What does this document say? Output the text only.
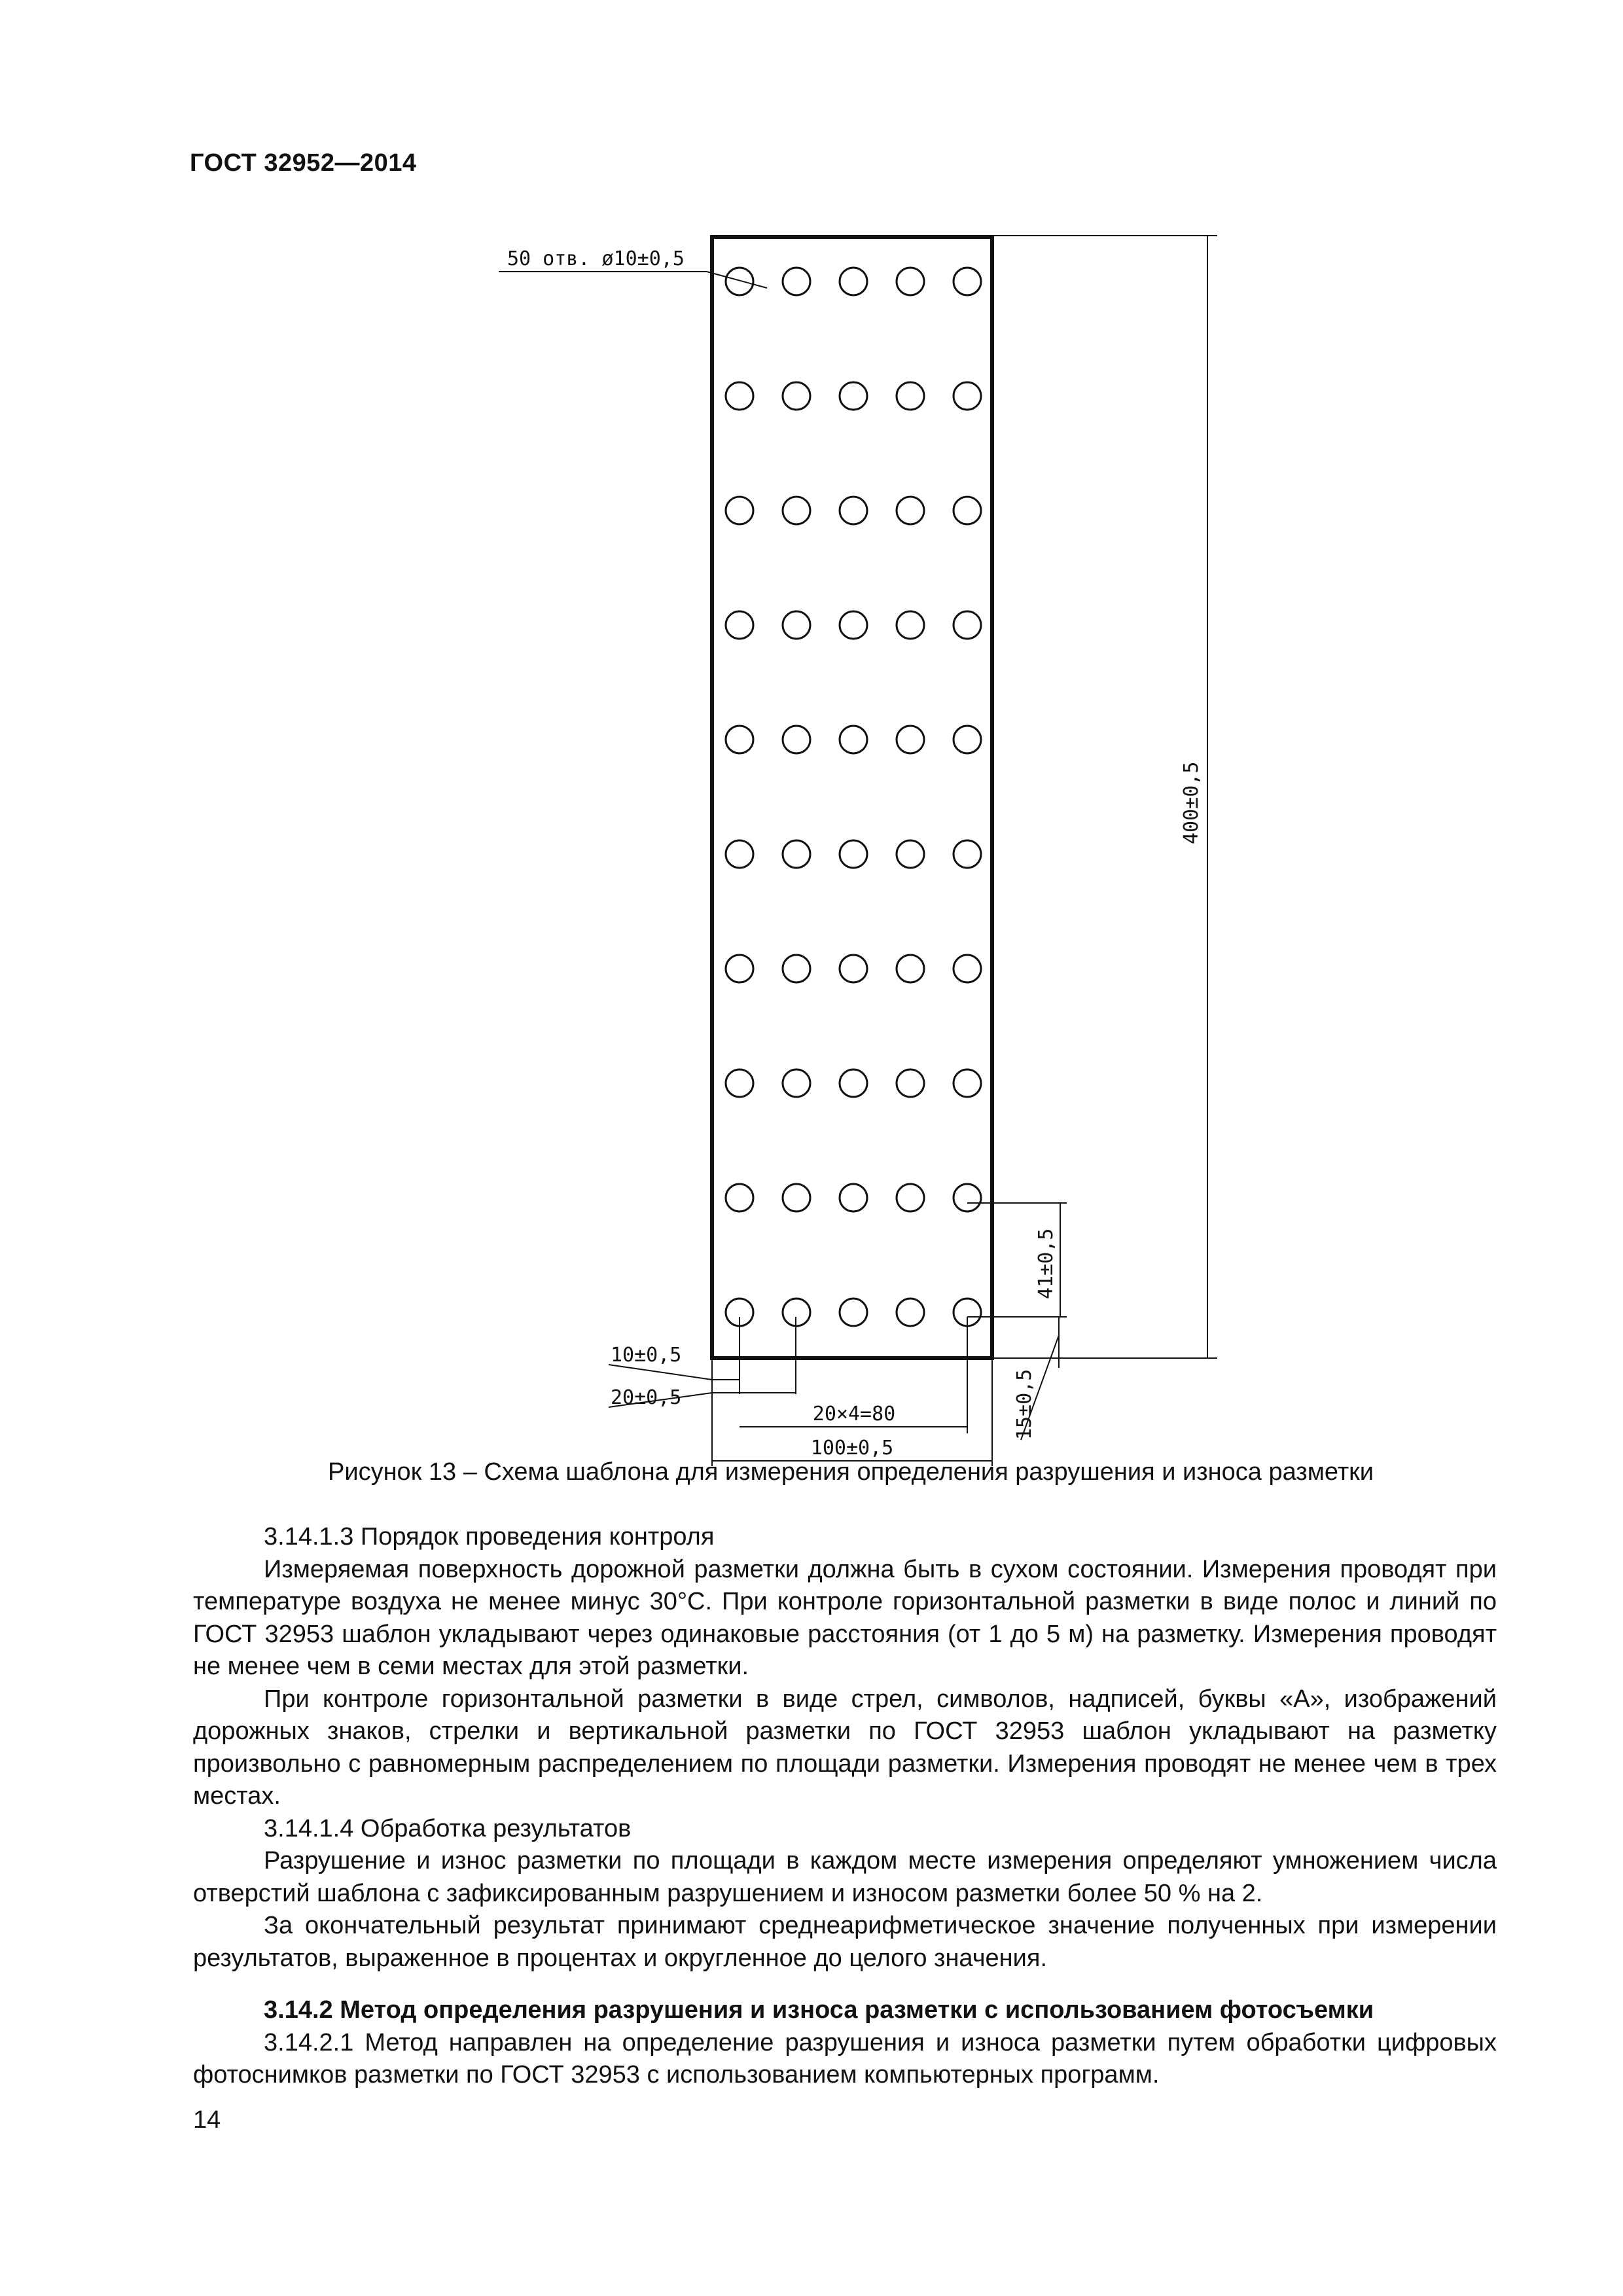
ГОСТ 32952—2014
50 отв. ø10±0,5
400±0,5
41±0,5
15±0,5
10±0,5
20±0,5
20×4=80
100±0,5
Рисунок 13 – Схема шаблона для измерения определения разрушения и износа разметки

3.14.1.3 Порядок проведения контроля

Измеряемая поверхность дорожной разметки должна быть в сухом состоянии. Измерения проводят при температуре воздуха не менее минус 30°С. При контроле горизонтальной разметки в виде полос и линий по ГОСТ 32953 шаблон укладывают через одинаковые расстояния (от 1 до 5 м) на разметку. Измерения проводят не менее чем в семи местах для этой разметки.

При контроле горизонтальной разметки в виде стрел, символов, надписей, буквы «А», изображений дорожных знаков, стрелки и вертикальной разметки по ГОСТ 32953 шаблон укладывают на разметку произвольно с равномерным распределением по площади разметки. Измерения проводят не менее чем в трех местах.

3.14.1.4 Обработка результатов

Разрушение и износ разметки по площади в каждом месте измерения определяют умножением числа отверстий шаблона с зафиксированным разрушением и износом разметки более 50 % на 2.

За окончательный результат принимают среднеарифметическое значение полученных при измерении результатов, выраженное в процентах и округленное до целого значения.

3.14.2 Метод определения разрушения и износа разметки с использованием фотосъемки

3.14.2.1 Метод направлен на определение разрушения и износа разметки путем обработки цифровых фотоснимков разметки по ГОСТ 32953 с использованием компьютерных программ.

14
